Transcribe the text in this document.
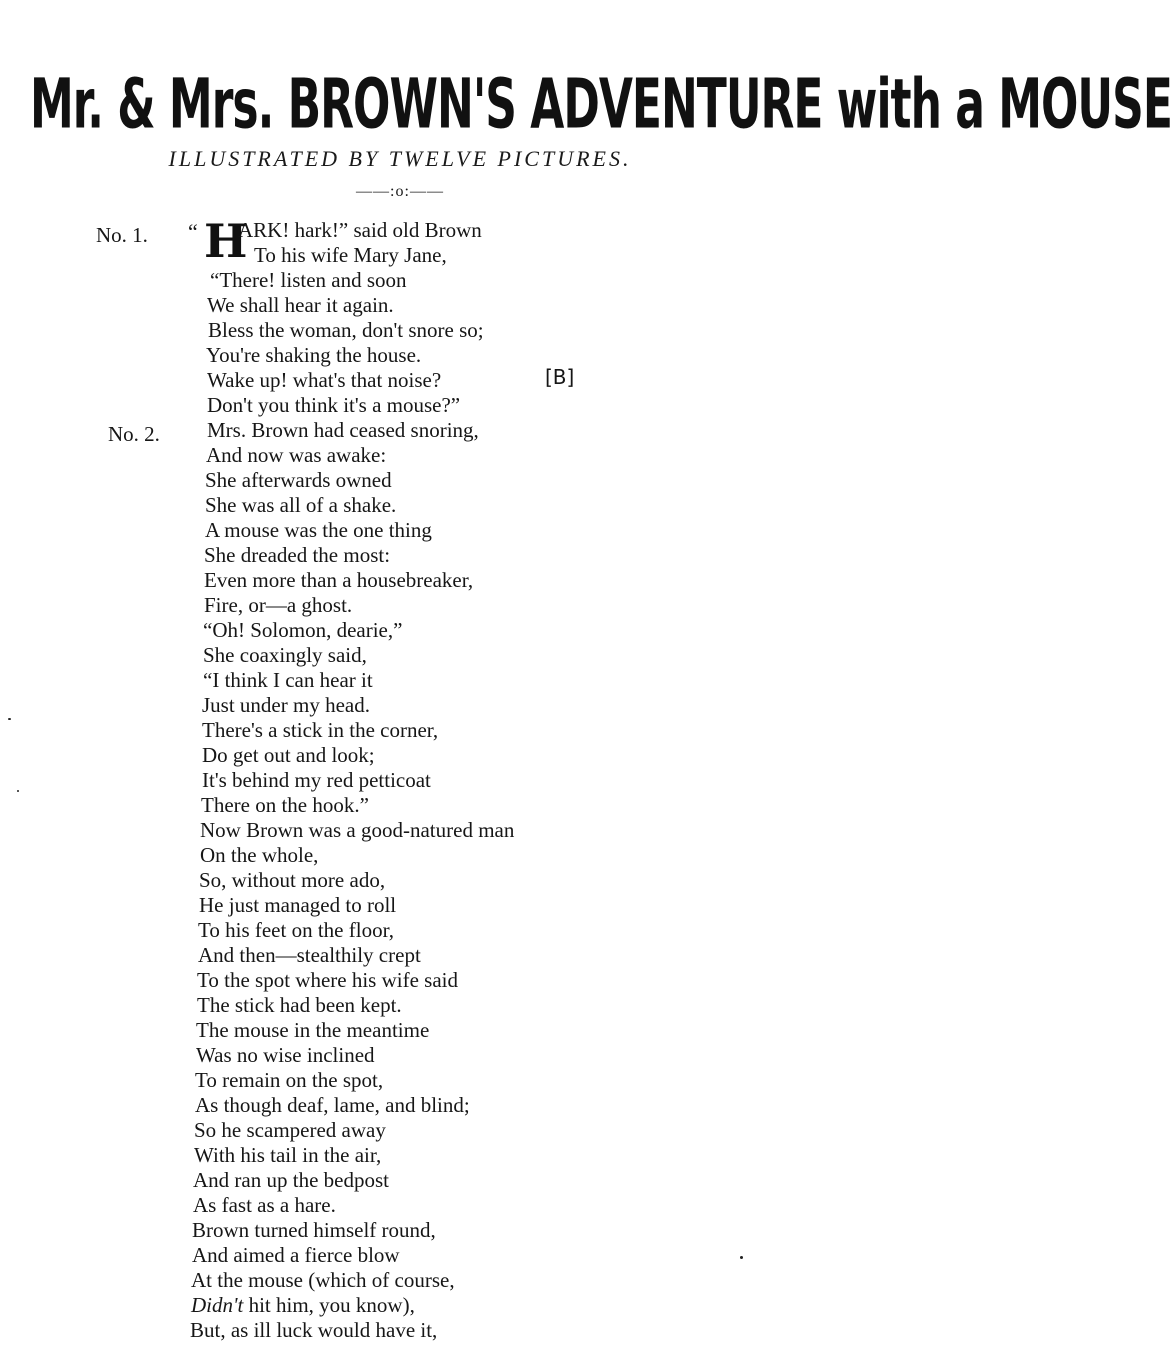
Mr. & Mrs. BROWN'S ADVENTURE with a MOUSE
ILLUSTRATED BY TWELVE PICTURES.
——:o:——
No. 1.
No. 2.
“ H
[B]
ARK! hark!” said old Brown
To his wife Mary Jane,
“There! listen and soon
We shall hear it again.
Bless the woman, don't snore so;
You're shaking the house.
Wake up! what's that noise?
Don't you think it's a mouse?”
Mrs. Brown had ceased snoring,
And now was awake:
She afterwards owned
She was all of a shake.
A mouse was the one thing
She dreaded the most:
Even more than a housebreaker,
Fire, or—a ghost.
“Oh! Solomon, dearie,”
She coaxingly said,
“I think I can hear it
Just under my head.
There's a stick in the corner,
Do get out and look;
It's behind my red petticoat
There on the hook.”
Now Brown was a good-natured man
On the whole,
So, without more ado,
He just managed to roll
To his feet on the floor,
And then—stealthily crept
To the spot where his wife said
The stick had been kept.
The mouse in the meantime
Was no wise inclined
To remain on the spot,
As though deaf, lame, and blind;
So he scampered away
With his tail in the air,
And ran up the bedpost
As fast as a hare.
Brown turned himself round,
And aimed a fierce blow
At the mouse (which of course,
Didn't hit him, you know),
But, as ill luck would have it,
